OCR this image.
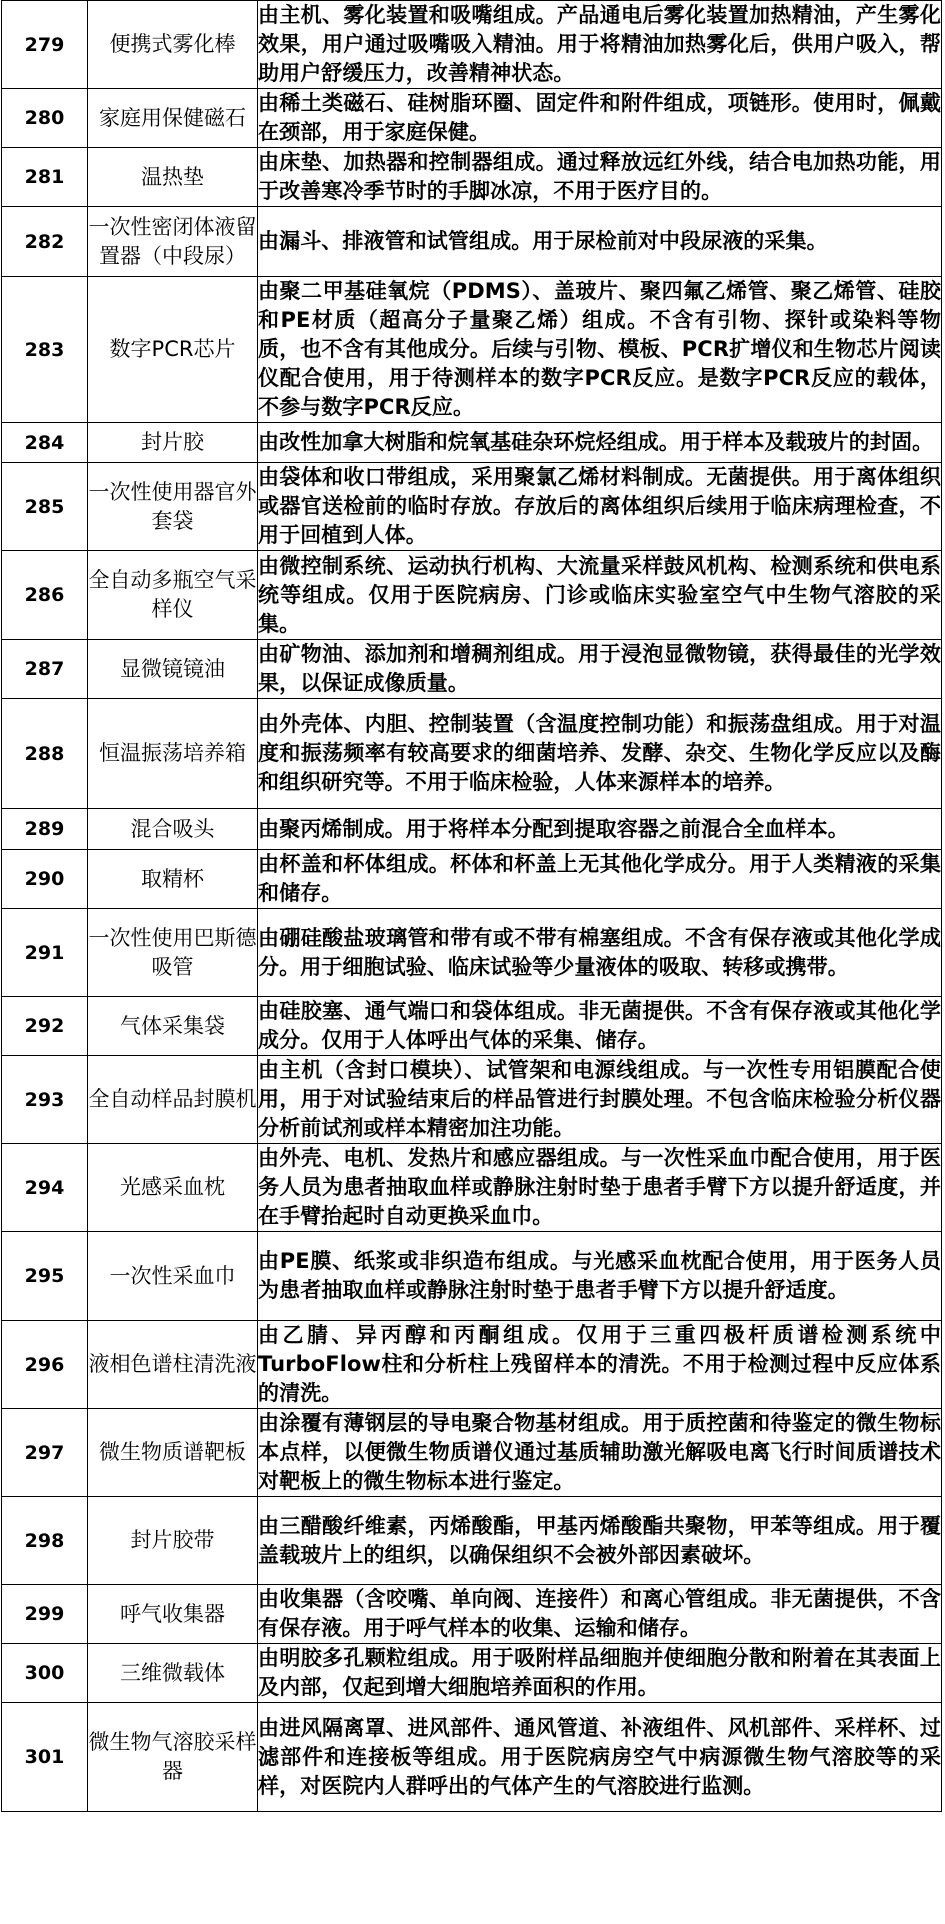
279	便携式雾化棒	由主机、雾化装置和吸嘴组成。产品通电后雾化装置加热精油，产生雾化效果，用户通过吸嘴吸入精油。用于将精油加热雾化后，供用户吸入，帮助用户舒缓压力，改善精神状态。
280	家庭用保健磁石	由稀土类磁石、硅树脂环圈、固定件和附件组成，项链形。使用时，佩戴在颈部，用于家庭保健。
281	温热垫	由床垫、加热器和控制器组成。通过释放远红外线，结合电加热功能，用于改善寒冷季节时的手脚冰凉，不用于医疗目的。
282	一次性密闭体液留置器（中段尿）	由漏斗、排液管和试管组成。用于尿检前对中段尿液的采集。
283	数字PCR芯片	由聚二甲基硅氧烷（PDMS）、盖玻片、聚四氟乙烯管、聚乙烯管、硅胶和PE材质（超高分子量聚乙烯）组成。不含有引物、探针或染料等物质，也不含有其他成分。后续与引物、模板、PCR扩增仪和生物芯片阅读仪配合使用，用于待测样本的数字PCR反应。是数字PCR反应的载体，不参与数字PCR反应。
284	封片胶	由改性加拿大树脂和烷氧基硅杂环烷烃组成。用于样本及载玻片的封固。
285	一次性使用器官外套袋	由袋体和收口带组成，采用聚氯乙烯材料制成。无菌提供。用于离体组织或器官送检前的临时存放。存放后的离体组织后续用于临床病理检查，不用于回植到人体。
286	全自动多瓶空气采样仪	由微控制系统、运动执行机构、大流量采样鼓风机构、检测系统和供电系统等组成。仅用于医院病房、门诊或临床实验室空气中生物气溶胶的采集。
287	显微镜镜油	由矿物油、添加剂和增稠剂组成。用于浸泡显微物镜，获得最佳的光学效果，以保证成像质量。
288	恒温振荡培养箱	由外壳体、内胆、控制装置（含温度控制功能）和振荡盘组成。用于对温度和振荡频率有较高要求的细菌培养、发酵、杂交、生物化学反应以及酶和组织研究等。不用于临床检验，人体来源样本的培养。
289	混合吸头	由聚丙烯制成。用于将样本分配到提取容器之前混合全血样本。
290	取精杯	由杯盖和杯体组成。杯体和杯盖上无其他化学成分。用于人类精液的采集和储存。
291	一次性使用巴斯德吸管	由硼硅酸盐玻璃管和带有或不带有棉塞组成。不含有保存液或其他化学成分。用于细胞试验、临床试验等少量液体的吸取、转移或携带。
292	气体采集袋	由硅胶塞、通气端口和袋体组成。非无菌提供。不含有保存液或其他化学成分。仅用于人体呼出气体的采集、储存。
293	全自动样品封膜机	由主机（含封口模块）、试管架和电源线组成。与一次性专用铝膜配合使用，用于对试验结束后的样品管进行封膜处理。不包含临床检验分析仪器分析前试剂或样本精密加注功能。
294	光感采血枕	由外壳、电机、发热片和感应器组成。与一次性采血巾配合使用，用于医务人员为患者抽取血样或静脉注射时垫于患者手臂下方以提升舒适度，并在手臂抬起时自动更换采血巾。
295	一次性采血巾	由PE膜、纸浆或非织造布组成。与光感采血枕配合使用，用于医务人员为患者抽取血样或静脉注射时垫于患者手臂下方以提升舒适度。
296	液相色谱柱清洗液	由乙腈、异丙醇和丙酮组成。仅用于三重四极杆质谱检测系统中TurboFlow柱和分析柱上残留样本的清洗。不用于检测过程中反应体系的清洗。
297	微生物质谱靶板	由涂覆有薄钢层的导电聚合物基材组成。用于质控菌和待鉴定的微生物标本点样，以便微生物质谱仪通过基质辅助激光解吸电离飞行时间质谱技术对靶板上的微生物标本进行鉴定。
298	封片胶带	由三醋酸纤维素，丙烯酸酯，甲基丙烯酸酯共聚物，甲苯等组成。用于覆盖载玻片上的组织，以确保组织不会被外部因素破坏。
299	呼气收集器	由收集器（含咬嘴、单向阀、连接件）和离心管组成。非无菌提供，不含有保存液。用于呼气样本的收集、运输和储存。
300	三维微载体	由明胶多孔颗粒组成。用于吸附样品细胞并使细胞分散和附着在其表面上及内部，仅起到增大细胞培养面积的作用。
301	微生物气溶胶采样器	由进风隔离罩、进风部件、通风管道、补液组件、风机部件、采样杯、过滤部件和连接板等组成。用于医院病房空气中病源微生物气溶胶等的采样，对医院内人群呼出的气体产生的气溶胶进行监测。
